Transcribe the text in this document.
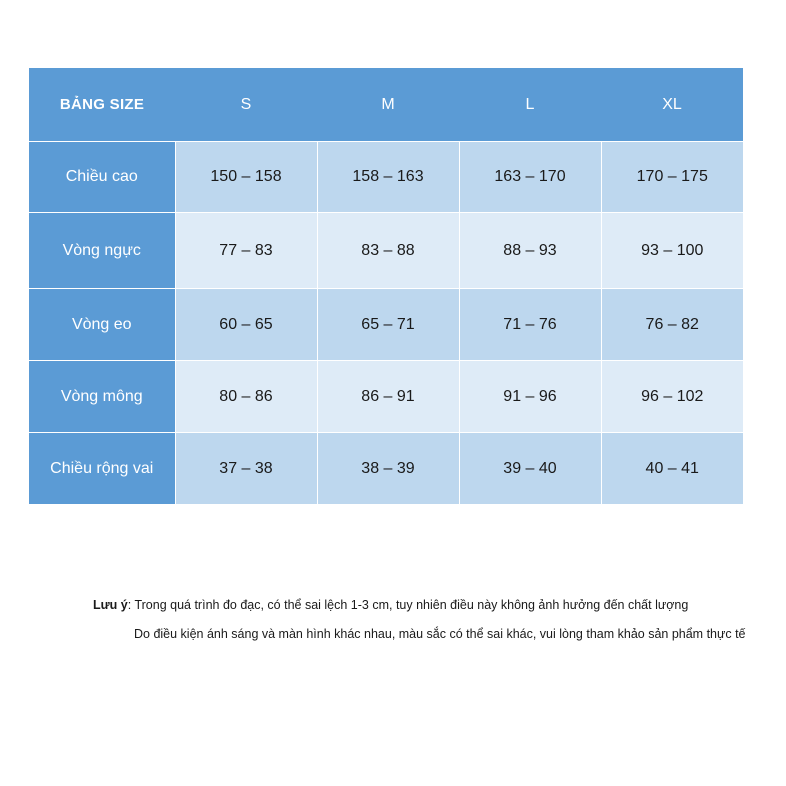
BẢNG SIZE	S	M	L	XL
Chiều cao	150 – 158	158 – 163	163 – 170	170 – 175
Vòng ngực	77 – 83	83 – 88	88 – 93	93 – 100
Vòng eo	60 – 65	65 – 71	71 – 76	76 – 82
Vòng mông	80 – 86	86 – 91	91 – 96	96 – 102
Chiều rộng vai	37 – 38	38 – 39	39 – 40	40 – 41
Lưu ý: Trong quá trình đo đạc, có thể sai lệch 1-3 cm, tuy nhiên điều này không ảnh hưởng đến chất lượng
Do điều kiện ánh sáng và màn hình khác nhau, màu sắc có thể sai khác, vui lòng tham khảo sản phẩm thực tế
